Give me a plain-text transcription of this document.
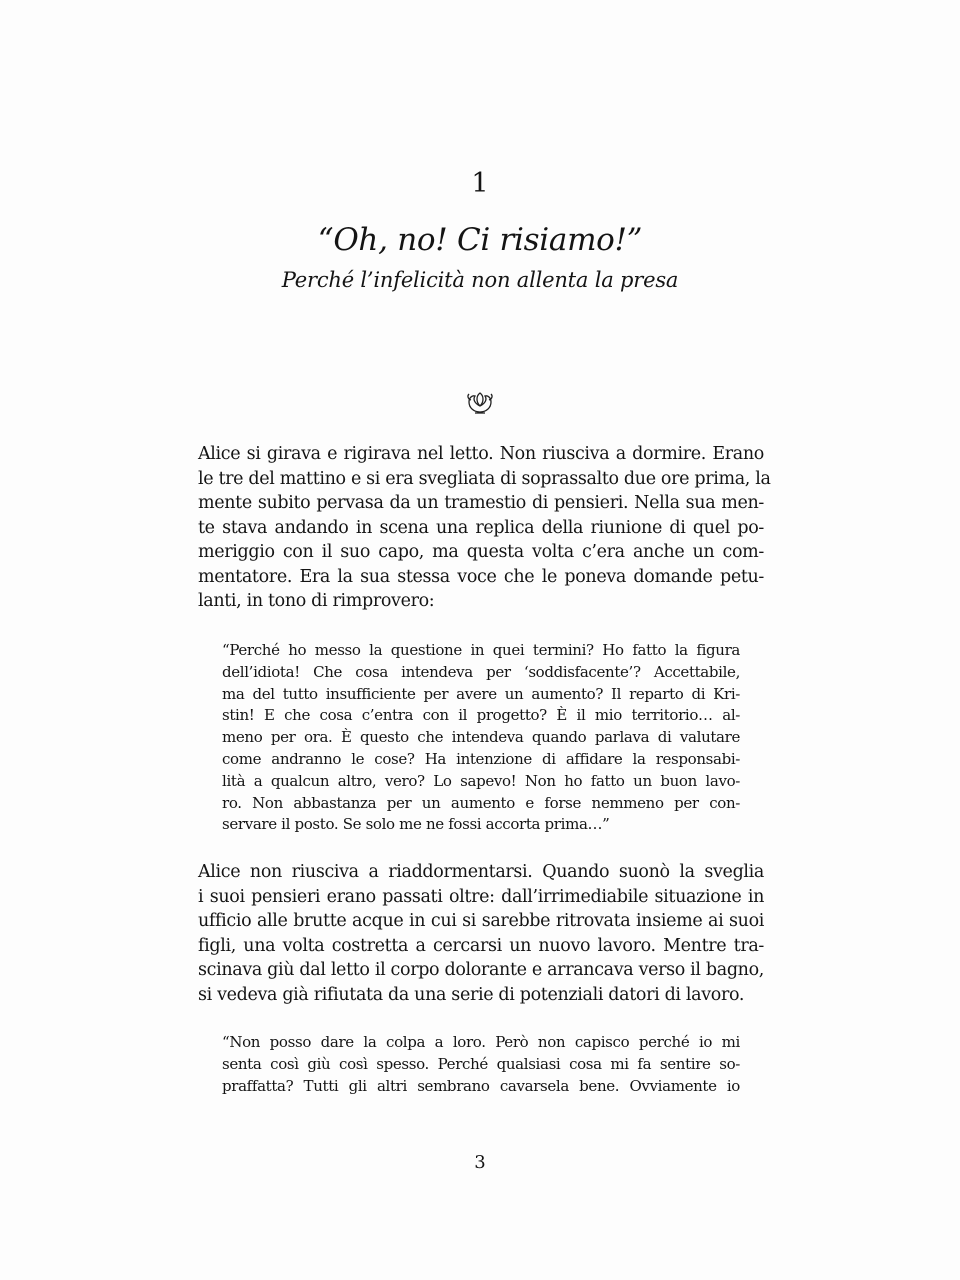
1
“Oh, no! Ci risiamo!”
Perché l’infelicità non allenta la presa
Alice si girava e rigirava nel letto. Non riusciva a dormire. Erano
le tre del mattino e si era svegliata di soprassalto due ore prima, la
mente subito pervasa da un tramestio di pensieri. Nella sua men-
te stava andando in scena una replica della riunione di quel po-
meriggio con il suo capo, ma questa volta c’era anche un com-
mentatore. Era la sua stessa voce che le poneva domande petu-
lanti, in tono di rimprovero:
“Perché ho messo la questione in quei termini? Ho fatto la figura
dell’idiota! Che cosa intendeva per ‘soddisfacente’? Accettabile,
ma del tutto insufficiente per avere un aumento? Il reparto di Kri-
stin! E che cosa c’entra con il progetto? È il mio territorio… al-
meno per ora. È questo che intendeva quando parlava di valutare
come andranno le cose? Ha intenzione di affidare la responsabi-
lità a qualcun altro, vero? Lo sapevo! Non ho fatto un buon lavo-
ro. Non abbastanza per un aumento e forse nemmeno per con-
servare il posto. Se solo me ne fossi accorta prima…”
Alice non riusciva a riaddormentarsi. Quando suonò la sveglia
i suoi pensieri erano passati oltre: dall’irrimediabile situazione in
ufficio alle brutte acque in cui si sarebbe ritrovata insieme ai suoi
figli, una volta costretta a cercarsi un nuovo lavoro. Mentre tra-
scinava giù dal letto il corpo dolorante e arrancava verso il bagno,
si vedeva già rifiutata da una serie di potenziali datori di lavoro.
“Non posso dare la colpa a loro. Però non capisco perché io mi
senta così giù così spesso. Perché qualsiasi cosa mi fa sentire so-
praffatta? Tutti gli altri sembrano cavarsela bene. Ovviamente io
3
